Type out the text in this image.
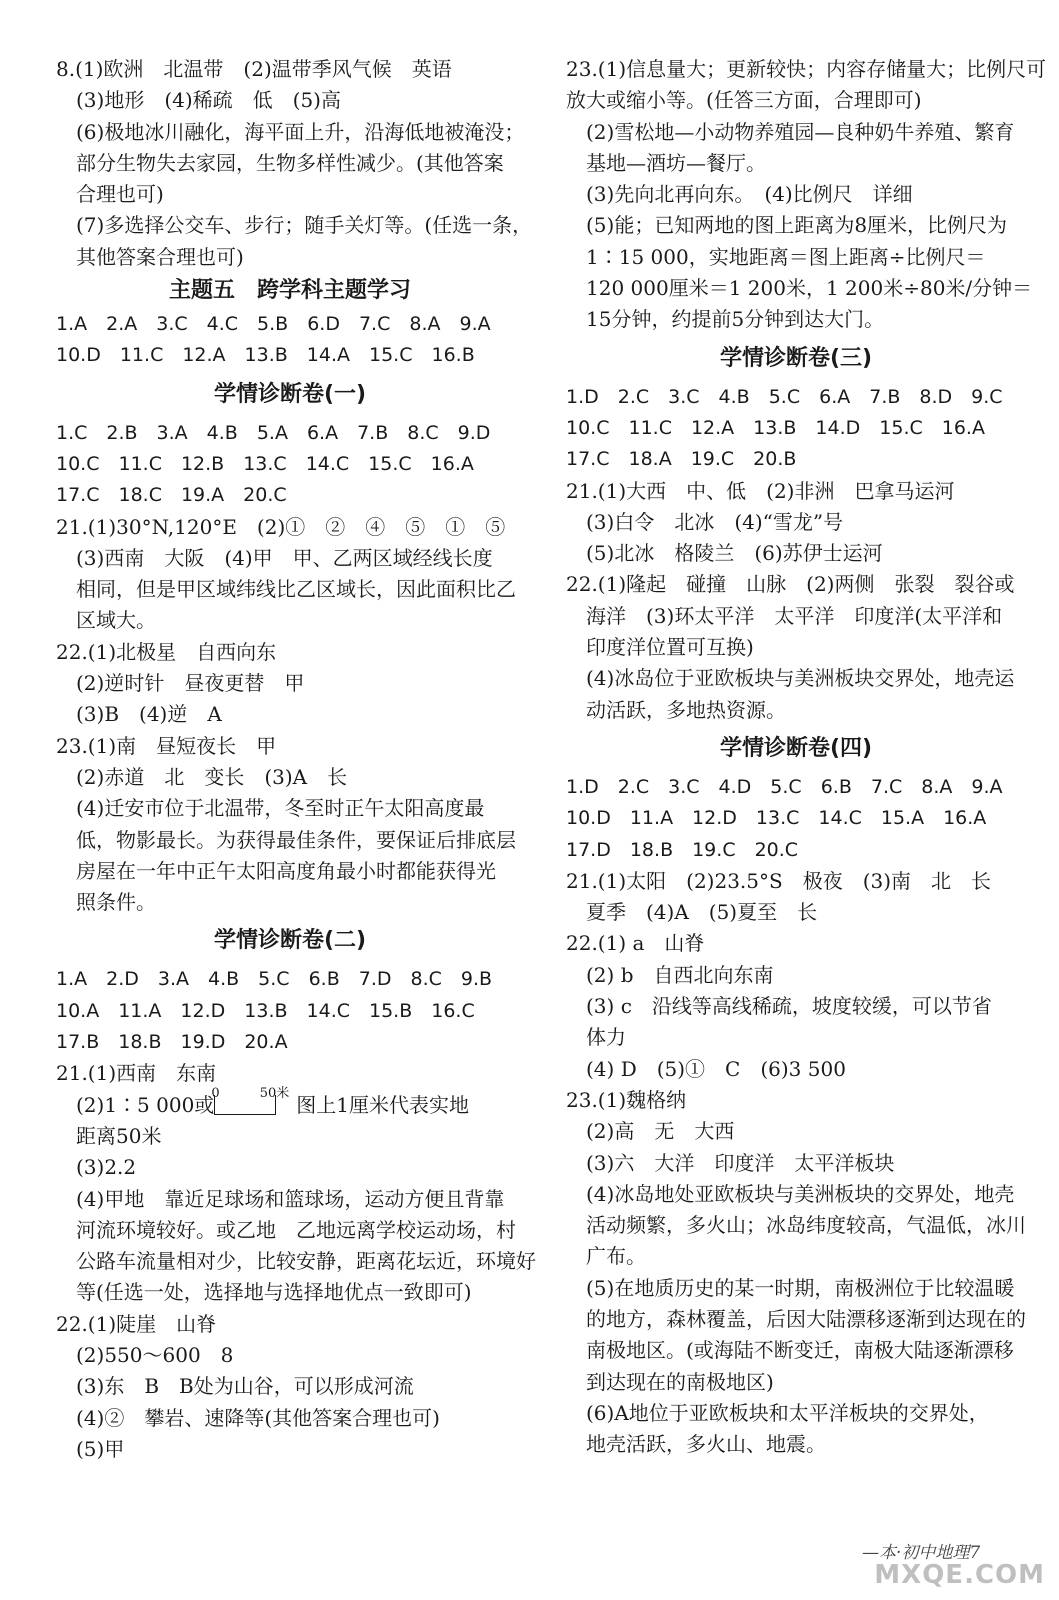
8.(1)欧洲　北温带　(2)温带季风气候　英语
(3)地形　(4)稀疏　低　(5)高
(6)极地冰川融化，海平面上升，沿海低地被淹没；
部分生物失去家园，生物多样性减少。(其他答案
合理也可)
(7)多选择公交车、步行；随手关灯等。(任选一条，
其他答案合理也可)
主题五　跨学科主题学习
1.A　2.A　3.C　4.C　5.B　6.D　7.C　8.A　9.A
10.D　11.C　12.A　13.B　14.A　15.C　16.B
学情诊断卷(一)
1.C　2.B　3.A　4.B　5.A　6.A　7.B　8.C　9.D
10.C　11.C　12.B　13.C　14.C　15.C　16.A
17.C　18.C　19.A　20.C
21.(1)30°N,120°E　(2)①　②　④　⑤　①　⑤
(3)西南　大阪　(4)甲　甲、乙两区域经线长度
相同，但是甲区域纬线比乙区域长，因此面积比乙
区域大。
22.(1)北极星　自西向东
(2)逆时针　昼夜更替　甲
(3)B　(4)逆　A
23.(1)南　昼短夜长　甲
(2)赤道　北　变长　(3)A　长
(4)迁安市位于北温带，冬至时正午太阳高度最
低，物影最长。为获得最佳条件，要保证后排底层
房屋在一年中正午太阳高度角最小时都能获得光
照条件。
学情诊断卷(二)
1.A　2.D　3.A　4.B　5.C　6.B　7.D　8.C　9.B
10.A　11.A　12.D　13.B　14.C　15.B　16.C
17.B　18.B　19.D　20.A
21.(1)西南　东南
(2)1∶5 000或
0	50米
　图上1厘米代表实地
距离50米
(3)2.2
(4)甲地　靠近足球场和篮球场，运动方便且背靠
河流环境较好。或乙地　乙地远离学校运动场，村
公路车流量相对少，比较安静，距离花坛近，环境好
等(任选一处，选择地与选择地优点一致即可)
22.(1)陡崖　山脊
(2)550～600　8
(3)东　B　B处为山谷，可以形成河流
(4)②　攀岩、速降等(其他答案合理也可)
(5)甲
23.(1)信息量大；更新较快；内容存储量大；比例尺可
放大或缩小等。(任答三方面，合理即可)
(2)雪松地—小动物养殖园—良种奶牛养殖、繁育
基地—酒坊—餐厅。
(3)先向北再向东。　(4)比例尺　详细
(5)能；已知两地的图上距离为8厘米，比例尺为
1∶15 000，实地距离＝图上距离÷比例尺＝
120 000厘米＝1 200米，1 200米÷80米/分钟＝
15分钟，约提前5分钟到达大门。
学情诊断卷(三)
1.D　2.C　3.C　4.B　5.C　6.A　7.B　8.D　9.C
10.C　11.C　12.A　13.B　14.D　15.C　16.A
17.C　18.A　19.C　20.B
21.(1)大西　中、低　(2)非洲　巴拿马运河
(3)白令　北冰　(4)“雪龙”号
(5)北冰　格陵兰　(6)苏伊士运河
22.(1)隆起　碰撞　山脉　(2)两侧　张裂　裂谷或
海洋　(3)环太平洋　太平洋　印度洋(太平洋和
印度洋位置可互换)
(4)冰岛位于亚欧板块与美洲板块交界处，地壳运
动活跃，多地热资源。
学情诊断卷(四)
1.D　2.C　3.C　4.D　5.C　6.B　7.C　8.A　9.A
10.D　11.A　12.D　13.C　14.C　15.A　16.A
17.D　18.B　19.C　20.C
21.(1)太阳　(2)23.5°S　极夜　(3)南　北　长
夏季　(4)A　(5)夏至　长
22.(1) a　山脊
(2) b　自西北向东南
(3) c　沿线等高线稀疏，坡度较缓，可以节省
体力
(4) D　(5)①　C　(6)3 500
23.(1)魏格纳
(2)高　无　大西
(3)六　大洋　印度洋　太平洋板块
(4)冰岛地处亚欧板块与美洲板块的交界处，地壳
活动频繁，多火山；冰岛纬度较高，气温低，冰川
广布。
(5)在地质历史的某一时期，南极洲位于比较温暖
的地方，森林覆盖，后因大陆漂移逐渐到达现在的
南极地区。(或海陆不断变迁，南极大陆逐渐漂移
到达现在的南极地区)
(6)A地位于亚欧板块和太平洋板块的交界处，
地壳活跃，多火山、地震。
—本·初中地理7
MXQE.COM
